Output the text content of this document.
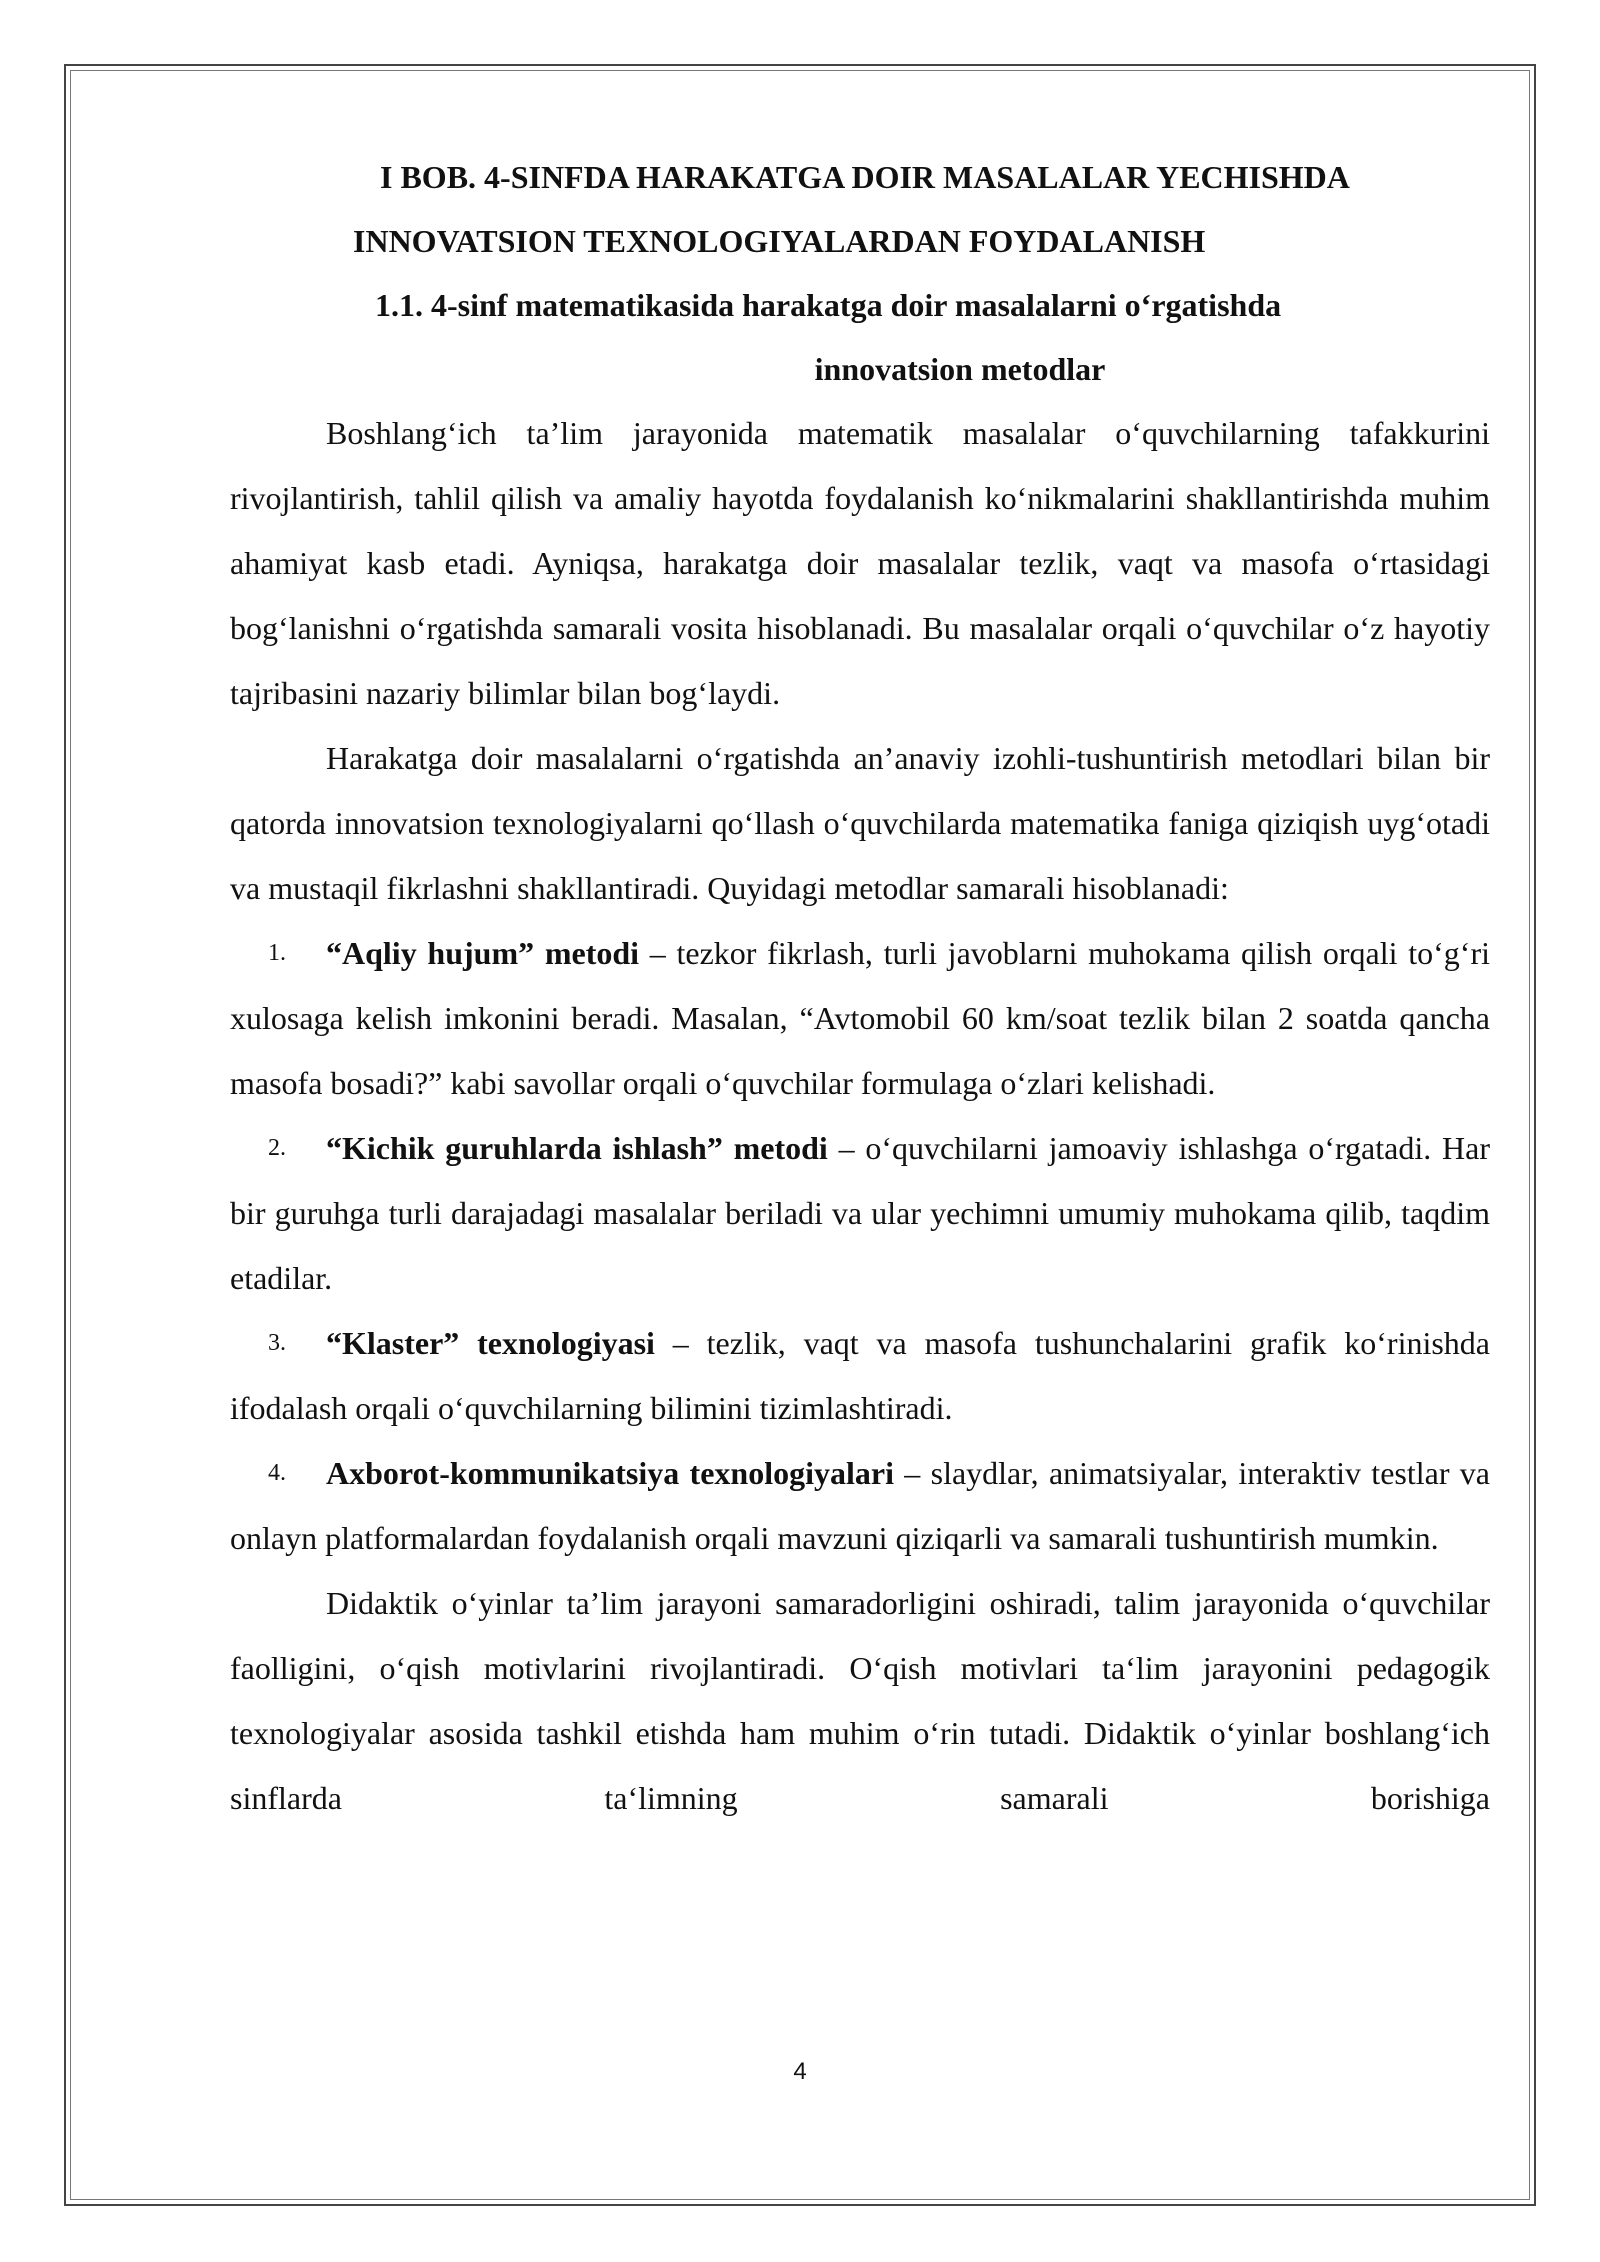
I BOB. 4-SINFDA HARAKATGA DOIR MASALALAR YECHISHDA
INNOVATSION TEXNOLOGIYALARDAN FOYDALANISH
1.1. 4-sinf matematikasida harakatga doir masalalarni o‘rgatishda
innovatsion metodlar

Boshlang‘ich ta’lim jarayonida matematik masalalar o‘quvchilarning tafakkurini rivojlantirish, tahlil qilish va amaliy hayotda foydalanish ko‘nikmalarini shakllantirishda muhim ahamiyat kasb etadi. Ayniqsa, harakatga doir masalalar tezlik, vaqt va masofa o‘rtasidagi bog‘lanishni o‘rgatishda samarali vosita hisoblanadi. Bu masalalar orqali o‘quvchilar o‘z hayotiy tajribasini nazariy bilimlar bilan bog‘laydi.

Harakatga doir masalalarni o‘rgatishda an’anaviy izohli-tushuntirish metodlari bilan bir qatorda innovatsion texnologiyalarni qo‘llash o‘quvchilarda matematika faniga qiziqish uyg‘otadi va mustaqil fikrlashni shakllantiradi. Quyidagi metodlar samarali hisoblanadi:

1. “Aqliy hujum” metodi – tezkor fikrlash, turli javoblarni muhokama qilish orqali to‘g‘ri xulosaga kelish imkonini beradi. Masalan, “Avtomobil 60 km/soat tezlik bilan 2 soatda qancha masofa bosadi?” kabi savollar orqali o‘quvchilar formulaga o‘zlari kelishadi.

2. “Kichik guruhlarda ishlash” metodi – o‘quvchilarni jamoaviy ishlashga o‘rgatadi. Har bir guruhga turli darajadagi masalalar beriladi va ular yechimni umumiy muhokama qilib, taqdim etadilar.

3. “Klaster” texnologiyasi – tezlik, vaqt va masofa tushunchalarini grafik ko‘rinishda ifodalash orqali o‘quvchilarning bilimini tizimlashtiradi.

4. Axborot-kommunikatsiya texnologiyalari – slaydlar, animatsiyalar, interaktiv testlar va onlayn platformalardan foydalanish orqali mavzuni qiziqarli va samarali tushuntirish mumkin.

Didaktik o‘yinlar ta’lim jarayoni samaradorligini oshiradi, talim jarayonida o‘quvchilar faolligini, o‘qish motivlarini rivojlantiradi. O‘qish motivlari ta‘lim jarayonini pedagogik texnologiyalar asosida tashkil etishda ham muhim o‘rin tutadi. Didaktik o‘yinlar boshlang‘ich sinflarda ta‘limning samarali borishiga

4
